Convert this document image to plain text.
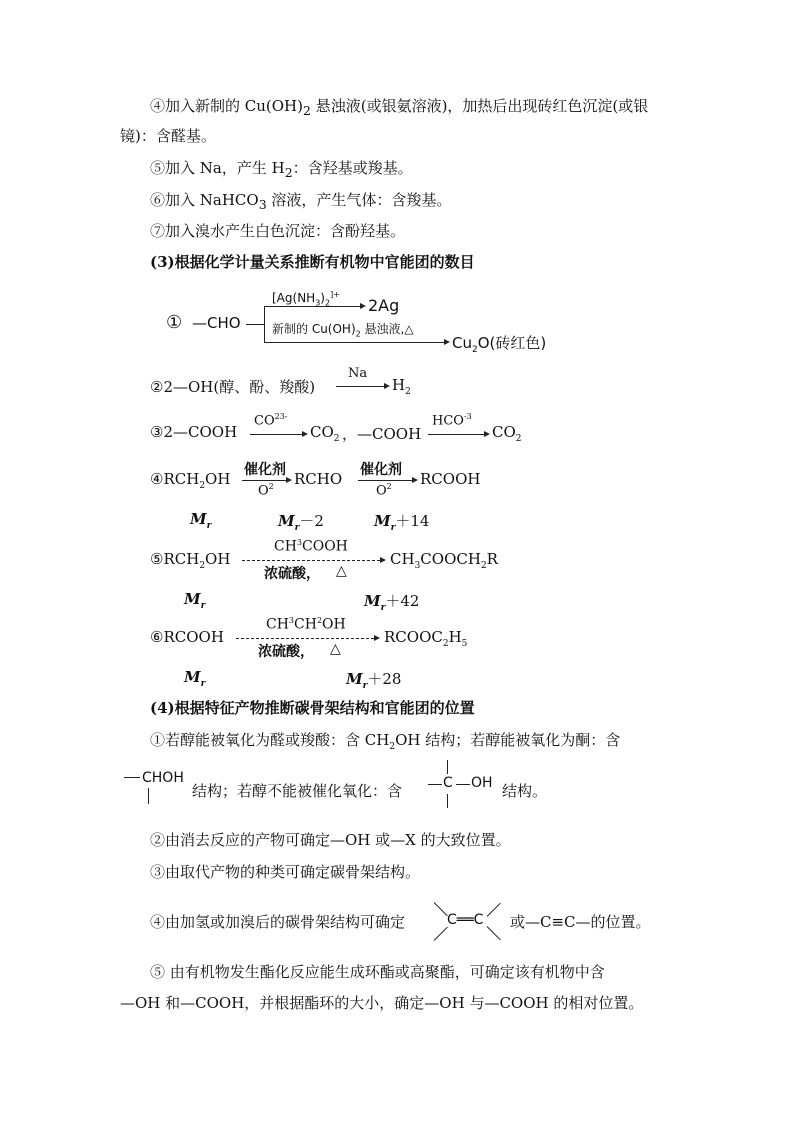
④加入新制的 $Cu(OH)_2$ 悬浊液(或银氨溶液)，加热后出现砖红色沉淀(或银
镜)：含醛基。
⑤加入 Na，产生 $H_2$：含羟基或羧基。
⑥加入 NaHCO$_3$ 溶液，产生气体：含羧基。
⑦加入溴水产生白色沉淀：含酚羟基。
(3)根据化学计量关系推断有机物中官能团的数目
① —CHO
[$Ag(NH_3)_2^{]+}$
2Ag
新制的 $Cu(OH)_2$ 悬浊液,△
$Cu_2O$(砖红色)
②2—OH(醇、酚、羧酸)
Na
$H_2$
③2—COOH
$CO^{23-}$
$CO_2$ ，—COOH
$HCO^{-3}$
$CO_2$
$④RCH_2OH$ 催化剂
$O^2$ RCHO 催化剂
$O^2$ RCOOH
$M_r$	$M_r-2$	$M_r+14$
$⑤RCH_2OH$
$CH^3COOH$
浓硫酸， △
$CH_3COOCH_2R$
$M_r$	$M_r+42$
⑥RCOOH
$CH^3CH^2OH$
浓硫酸， △
$RCOOC_2H_5$
$M_r$	$M_r+28$
(4)根据特征产物推断碳骨架结构和官能团的位置
①若醇能被氧化为醛或羧酸：含 $CH_2OH$ 结构；若醇能被氧化为酮：含
CHOH
结构；若醇不能被催化氧化：含	C OH 结构。
②由消去反应的产物可确定—OH 或—X 的大致位置。
③由取代产物的种类可确定碳骨架结构。
④由加氢或加溴后的碳骨架结构可确定	C══C 或—C≡C—的位置。
⑤ 由有机物发生酯化反应能生成环酯或高聚酯，可确定该有机物中含
—OH 和—COOH，并根据酯环的大小，确定—OH 与—COOH 的相对位置。
